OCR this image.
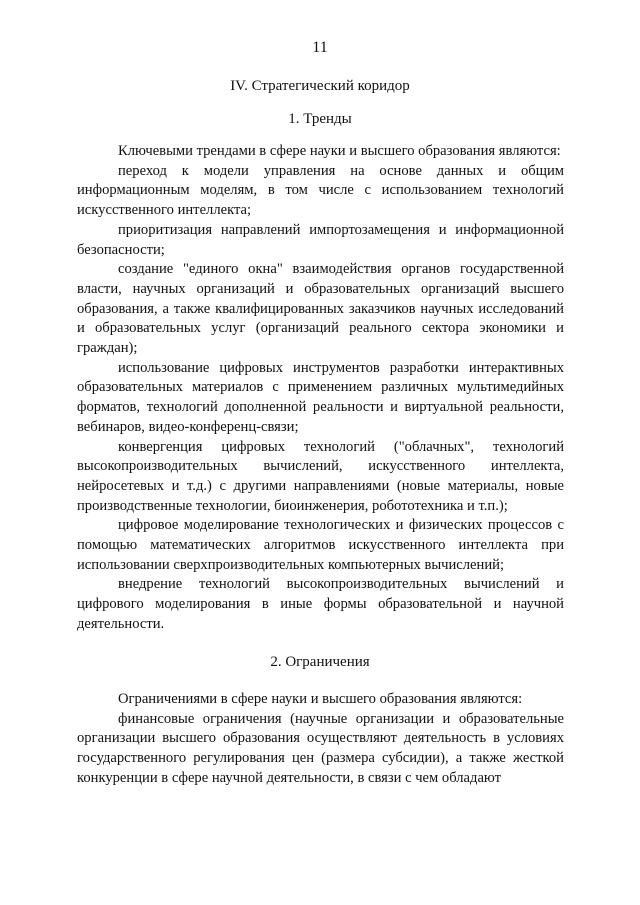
11
IV. Стратегический коридор
1. Тренды

Ключевыми трендами в сфере науки и высшего образования являются:

переход к модели управления на основе данных и общим информационным моделям, в том числе с использованием технологий искусственного интеллекта;

приоритизация направлений импортозамещения и информационной безопасности;

создание "единого окна" взаимодействия органов государственной власти, научных организаций и образовательных организаций высшего образования, а также квалифицированных заказчиков научных исследований и образовательных услуг (организаций реального сектора экономики и граждан);

использование цифровых инструментов разработки интерактивных образовательных материалов с применением различных мультимедийных форматов, технологий дополненной реальности и виртуальной реальности, вебинаров, видео-конференц-связи;

конвергенция цифровых технологий ("облачных", технологий высокопроизводительных вычислений, искусственного интеллекта, нейросетевых и т.д.) с другими направлениями (новые материалы, новые производственные технологии, биоинженерия, робототехника и т.п.);

цифровое моделирование технологических и физических процессов с помощью математических алгоритмов искусственного интеллекта при использовании сверхпроизводительных компьютерных вычислений;

внедрение технологий высокопроизводительных вычислений и цифрового моделирования в иные формы образовательной и научной деятельности.

2. Ограничения

Ограничениями в сфере науки и высшего образования являются:

финансовые ограничения (научные организации и образовательные организации высшего образования осуществляют деятельность в условиях государственного регулирования цен (размера субсидии), а также жесткой конкуренции в сфере научной деятельности, в связи с чем обладают
